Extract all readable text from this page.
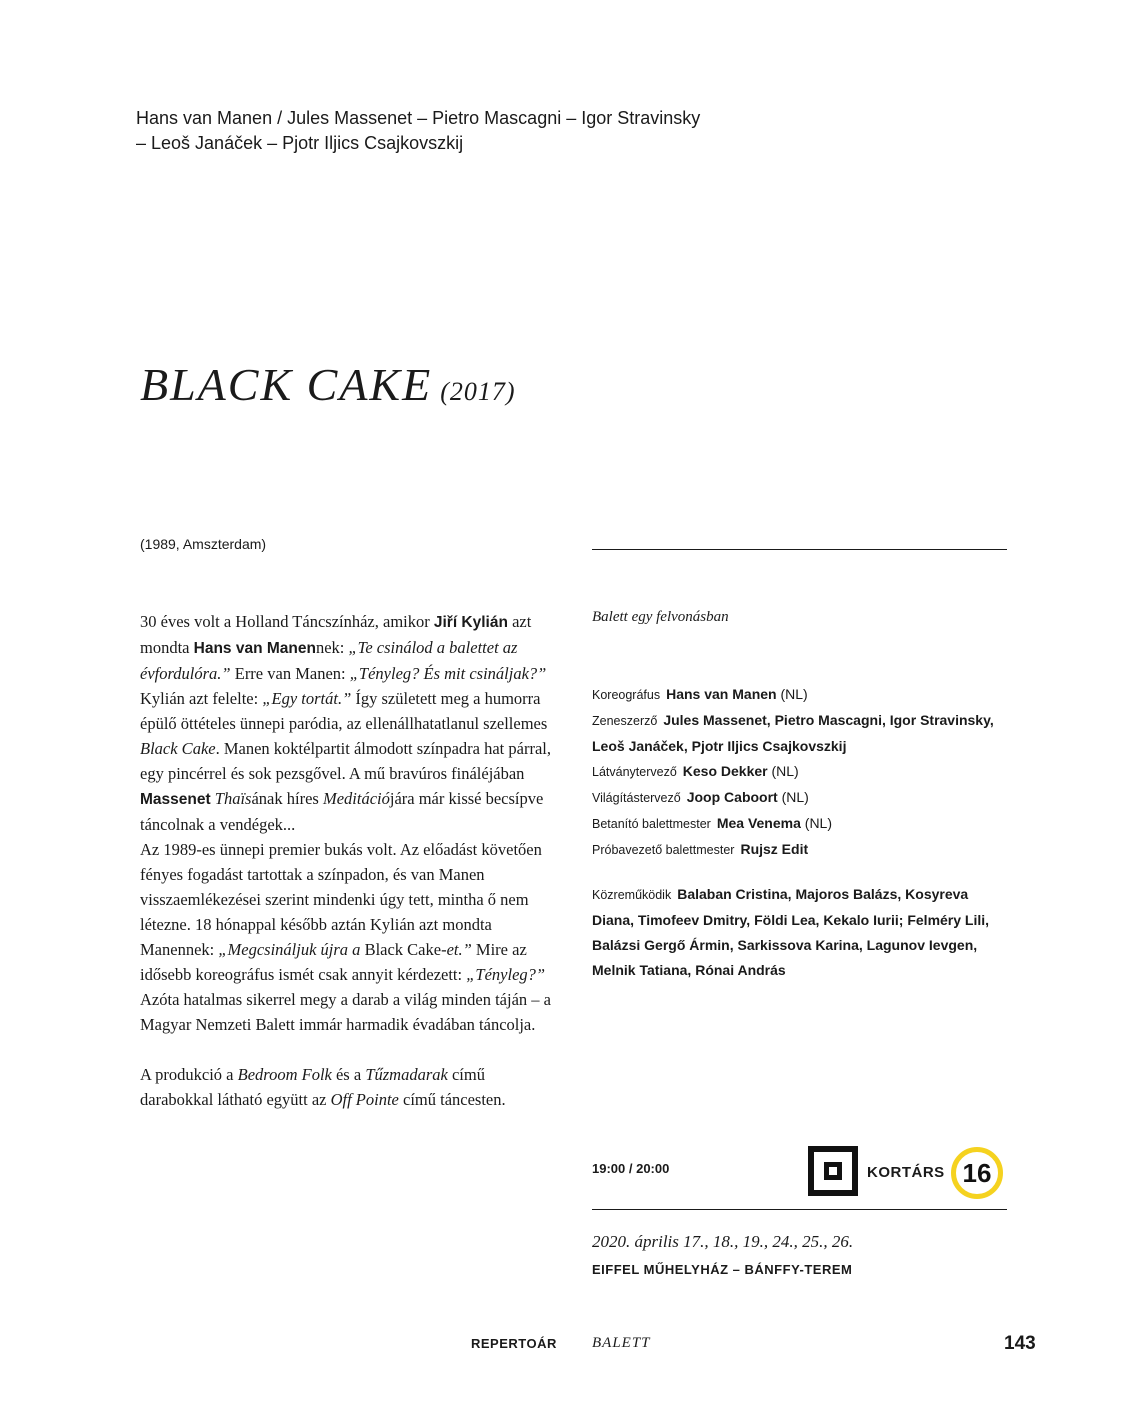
Hans van Manen / Jules Massenet – Pietro Mascagni – Igor Stravinsky
– Leoš Janáček – Pjotr Iljics Csajkovszkij
BLACK CAKE (2017)
(1989, Amszterdam)

30 éves volt a Holland Táncszínház, amikor Jiří Kylián azt mondta Hans van Manennek: „Te csinálod a balettet az évfordulóra.” Erre van Manen: „Tényleg? És mit csináljak?” Kylián azt felelte: „Egy tortát.” Így született meg a humorra épülő öttételes ünnepi paródia, az ellenállhatatlanul szellemes Black Cake. Manen koktélpartit álmodott színpadra hat párral, egy pincérrel és sok pezsgővel. A mű bravúros fináléjában Massenet Thaïsának híres Meditációjára már kissé becsípve táncolnak a vendégek...

Az 1989-es ünnepi premier bukás volt. Az előadást követően fényes fogadást tartottak a színpadon, és van Manen visszaemlékezései szerint mindenki úgy tett, mintha ő nem létezne. 18 hónappal később aztán Kylián azt mondta Manennek: „Megcsináljuk újra a Black Cake-et.” Mire az idősebb koreográfus ismét csak annyit kérdezett: „Tényleg?”

Azóta hatalmas sikerrel megy a darab a világ minden táján – a Magyar Nemzeti Balett immár harmadik évadában táncolja.

A produkció a Bedroom Folk és a Tűzmadarak című darabokkal látható együtt az Off Pointe című táncesten.

Balett egy felvonásban
Koreográfus Hans van Manen (NL)
Zeneszerző Jules Massenet, Pietro Mascagni, Igor Stravinsky,
Leoš Janáček, Pjotr Iljics Csajkovszkij
Látványtervező Keso Dekker (NL)
Világítástervező Joop Caboort (NL)
Betanító balettmester Mea Venema (NL)
Próbavezető balettmester Rujsz Edit
Közreműködik Balaban Cristina, Majoros Balázs, Kosyreva Diana, Timofeev Dmitry, Földi Lea, Kekalo Iurii; Felméry Lili, Balázsi Gergő Ármin, Sarkissova Karina, Lagunov Ievgen, Melnik Tatiana, Rónai András
19:00 / 20:00	KORTÁRS 16
2020. április 17., 18., 19., 24., 25., 26.
EIFFEL MŰHELYHÁZ – BÁNFFY-TEREM
REPERTOÁR BALETT	143
